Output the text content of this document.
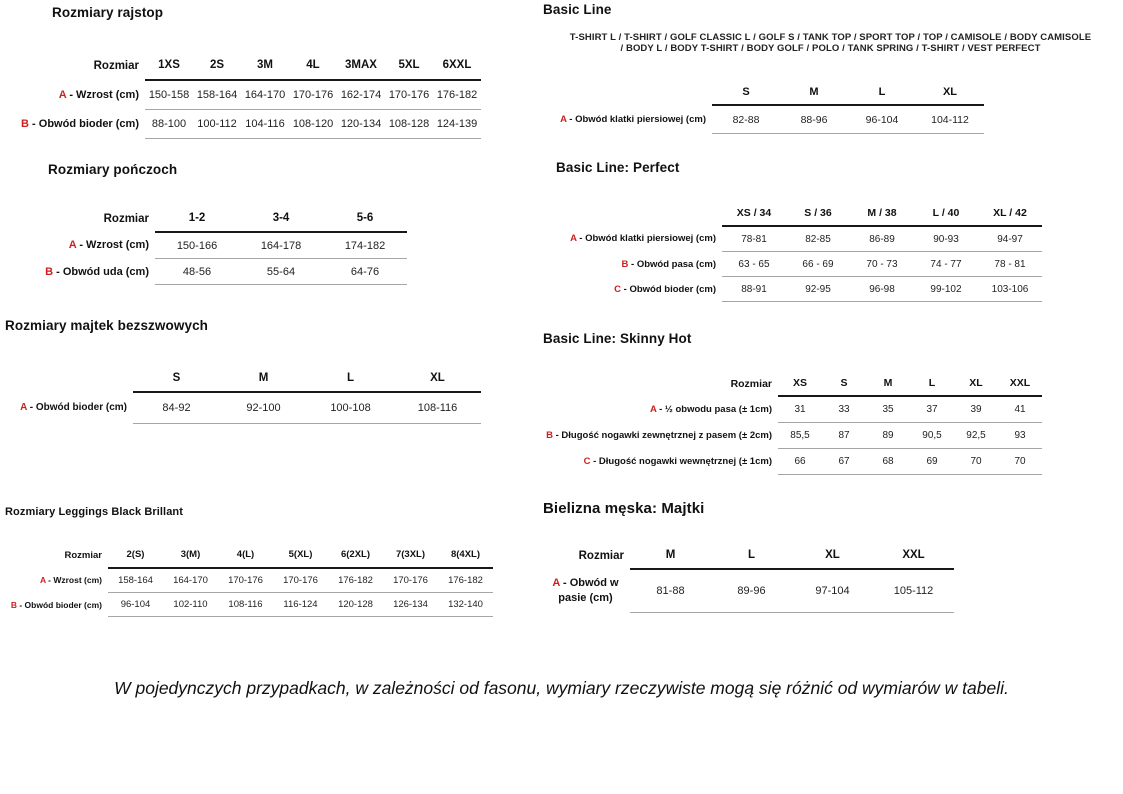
Rozmiary rajstop
Rozmiar	1XS	2S	3M	4L	3MAX	5XL	6XXL
A - Wzrost (cm)	150-158	158-164	164-170	170-176	162-174	170-176	176-182
B - Obwód bioder (cm)	88-100	100-112	104-116	108-120	120-134	108-128	124-139
Rozmiary pończoch
Rozmiar	1-2	3-4	5-6
A - Wzrost (cm)	150-166	164-178	174-182
B - Obwód uda (cm)	48-56	55-64	64-76
Rozmiary majtek bezszwowych
	S	M	L	XL
A - Obwód bioder (cm)	84-92	92-100	100-108	108-116
Rozmiary Leggings Black Brillant
Rozmiar	2(S)	3(M)	4(L)	5(XL)	6(2XL)	7(3XL)	8(4XL)
A - Wzrost (cm)	158-164	164-170	170-176	170-176	176-182	170-176	176-182
B - Obwód bioder (cm)	96-104	102-110	108-116	116-124	120-128	126-134	132-140
Basic Line

T-SHIRT L / T-SHIRT / GOLF CLASSIC L / GOLF S / TANK TOP / SPORT TOP / TOP / CAMISOLE / BODY CAMISOLE / BODY L / BODY T-SHIRT / BODY GOLF / POLO / TANK SPRING / T-SHIRT / VEST PERFECT

	S	M	L	XL
A - Obwód klatki piersiowej (cm)	82-88	88-96	96-104	104-112
Basic Line: Perfect
	XS / 34	S / 36	M / 38	L / 40	XL / 42
A - Obwód klatki piersiowej (cm)	78-81	82-85	86-89	90-93	94-97
B - Obwód pasa (cm)	63 - 65	66 - 69	70 - 73	74 - 77	78 - 81
C - Obwód bioder (cm)	88-91	92-95	96-98	99-102	103-106
Basic Line: Skinny Hot
Rozmiar	XS	S	M	L	XL	XXL
A - ½ obwodu pasa (± 1cm)	31	33	35	37	39	41
B - Długość nogawki zewnętrznej z pasem (± 2cm)	85,5	87	89	90,5	92,5	93
C - Długość nogawki wewnętrznej (± 1cm)	66	67	68	69	70	70
Bielizna męska: Majtki
Rozmiar	M	L	XL	XXL
A - Obwód w pasie (cm)	81-88	89-96	97-104	105-112

W pojedynczych przypadkach, w zależności od fasonu, wymiary rzeczywiste mogą się różnić od wymiarów w tabeli.
